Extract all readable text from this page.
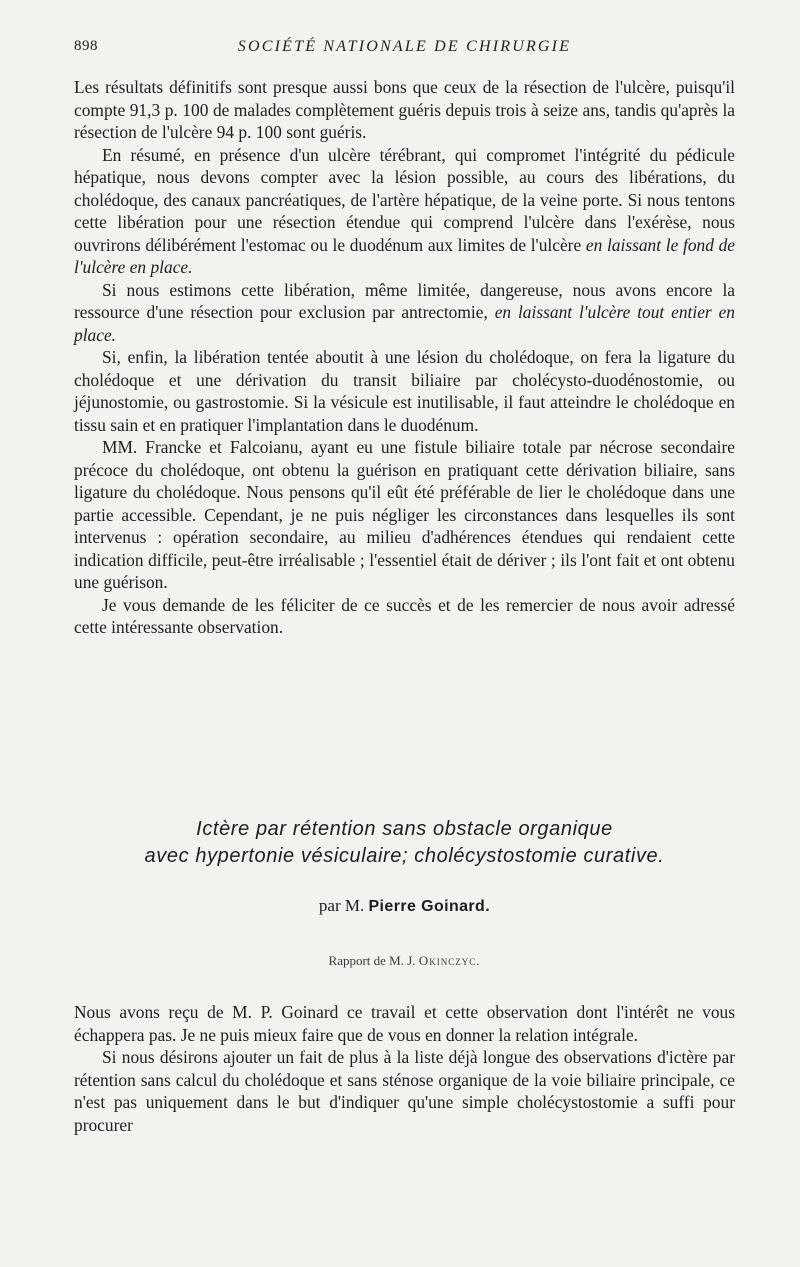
898	SOCIÉTÉ NATIONALE DE CHIRURGIE

Les résultats définitifs sont presque aussi bons que ceux de la résection de l'ulcère, puisqu'il compte 91,3 p. 100 de malades complètement guéris depuis trois à seize ans, tandis qu'après la résection de l'ulcère 94 p. 100 sont guéris.

En résumé, en présence d'un ulcère térébrant, qui compromet l'intégrité du pédicule hépatique, nous devons compter avec la lésion possible, au cours des libérations, du cholédoque, des canaux pancréatiques, de l'artère hépatique, de la veine porte. Si nous tentons cette libération pour une résection étendue qui comprend l'ulcère dans l'exérèse, nous ouvrirons délibérément l'estomac ou le duodénum aux limites de l'ulcère en laissant le fond de l'ulcère en place.

Si nous estimons cette libération, même limitée, dangereuse, nous avons encore la ressource d'une résection pour exclusion par antrectomie, en laissant l'ulcère tout entier en place.

Si, enfin, la libération tentée aboutit à une lésion du cholédoque, on fera la ligature du cholédoque et une dérivation du transit biliaire par cholécysto-duodénostomie, ou jéjunostomie, ou gastrostomie. Si la vésicule est inutilisable, il faut atteindre le cholédoque en tissu sain et en pratiquer l'implantation dans le duodénum.

MM. Francke et Falcoianu, ayant eu une fistule biliaire totale par nécrose secondaire précoce du cholédoque, ont obtenu la guérison en pratiquant cette dérivation biliaire, sans ligature du cholédoque. Nous pensons qu'il eût été préférable de lier le cholédoque dans une partie accessible. Cependant, je ne puis négliger les circonstances dans lesquelles ils sont intervenus : opération secondaire, au milieu d'adhérences étendues qui rendaient cette indication difficile, peut-être irréalisable ; l'essentiel était de dériver ; ils l'ont fait et ont obtenu une guérison.

Je vous demande de les féliciter de ce succès et de les remercier de nous avoir adressé cette intéressante observation.

Ictère par rétention sans obstacle organique
avec hypertonie vésiculaire; cholécystostomie curative.
par M. Pierre Goinard.
Rapport de M. J. Okinczyc.

Nous avons reçu de M. P. Goinard ce travail et cette observation dont l'intérêt ne vous échappera pas. Je ne puis mieux faire que de vous en donner la relation intégrale.

Si nous désirons ajouter un fait de plus à la liste déjà longue des observations d'ictère par rétention sans calcul du cholédoque et sans sténose organique de la voie biliaire principale, ce n'est pas uniquement dans le but d'indiquer qu'une simple cholécystostomie a suffi pour procurer
